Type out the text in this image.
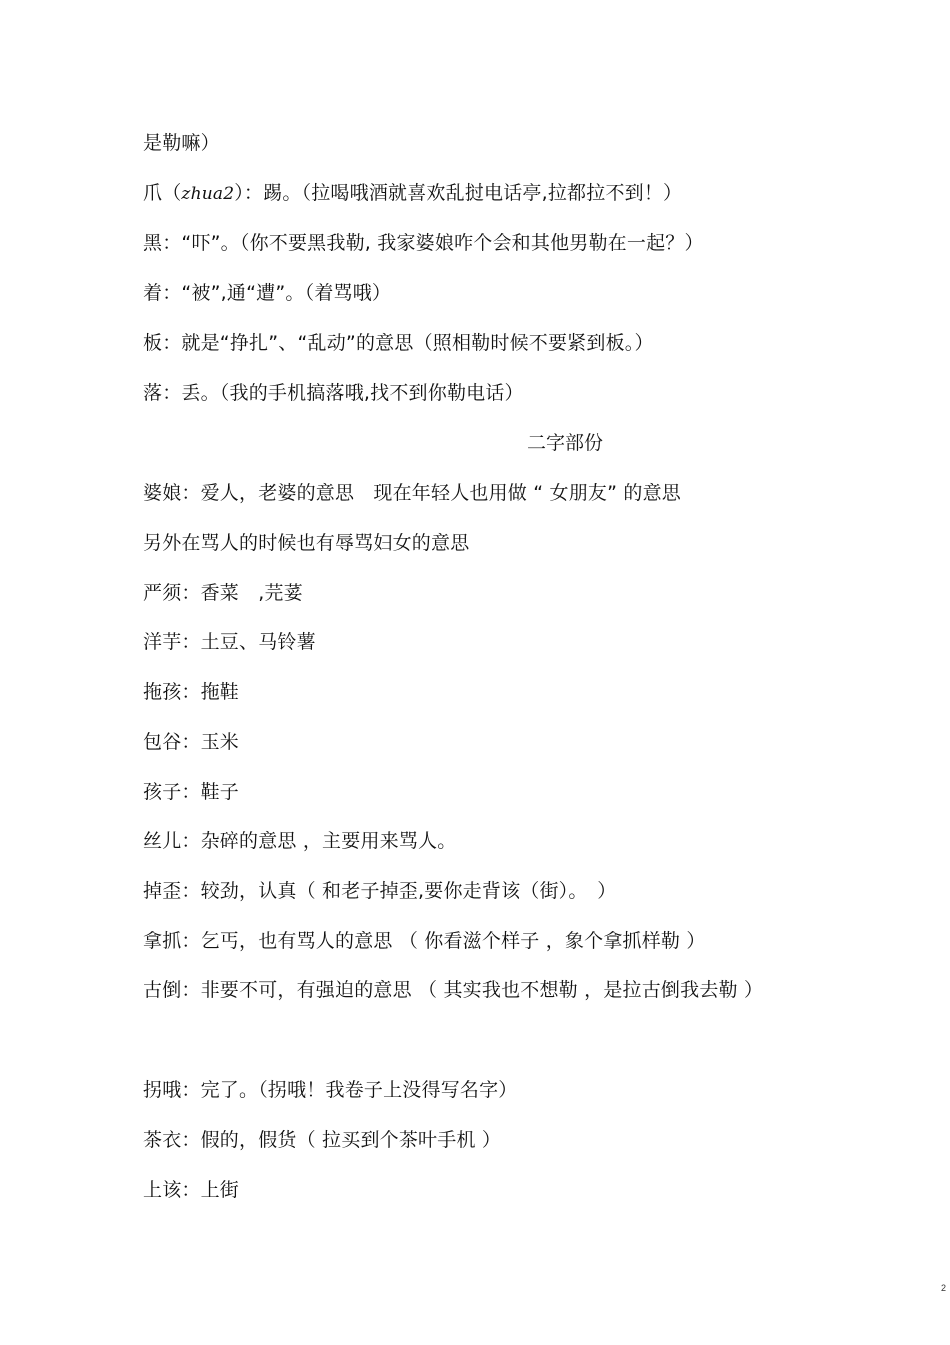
是勒嘛）
爪（zhua2）：踢。（拉喝哦酒就喜欢乱挝电话亭,拉都拉不到！）
黑：“吓”。（你不要黑我勒, 我家婆娘咋个会和其他男勒在一起？）
着：“被”,通“遭”。（着骂哦）
板：就是“挣扎”、“乱动”的意思（照相勒时候不要紧到板。）
落：丢。（我的手机搞落哦,找不到你勒电话）
二字部份
婆娘：爱人，老婆的意思　现在年轻人也用做 “ 女朋友” 的意思
另外在骂人的时候也有辱骂妇女的意思
严须：香菜　,芫荽
洋芋：土豆、马铃薯
拖孩：拖鞋
包谷：玉米
孩子：鞋子
丝儿：杂碎的意思 ，主要用来骂人。
掉歪：较劲，认真（ 和老子掉歪,要你走背该（街）。　）
拿抓：乞丐，也有骂人的意思 （ 你看滋个样子 ，象个拿抓样勒 ）
古倒：非要不可，有强迫的意思 （ 其实我也不想勒 ，是拉古倒我去勒 ）
拐哦：完了。（拐哦！我卷子上没得写名字）
茶衣：假的，假货（ 拉买到个茶叶手机 ）
上该：上街
2
